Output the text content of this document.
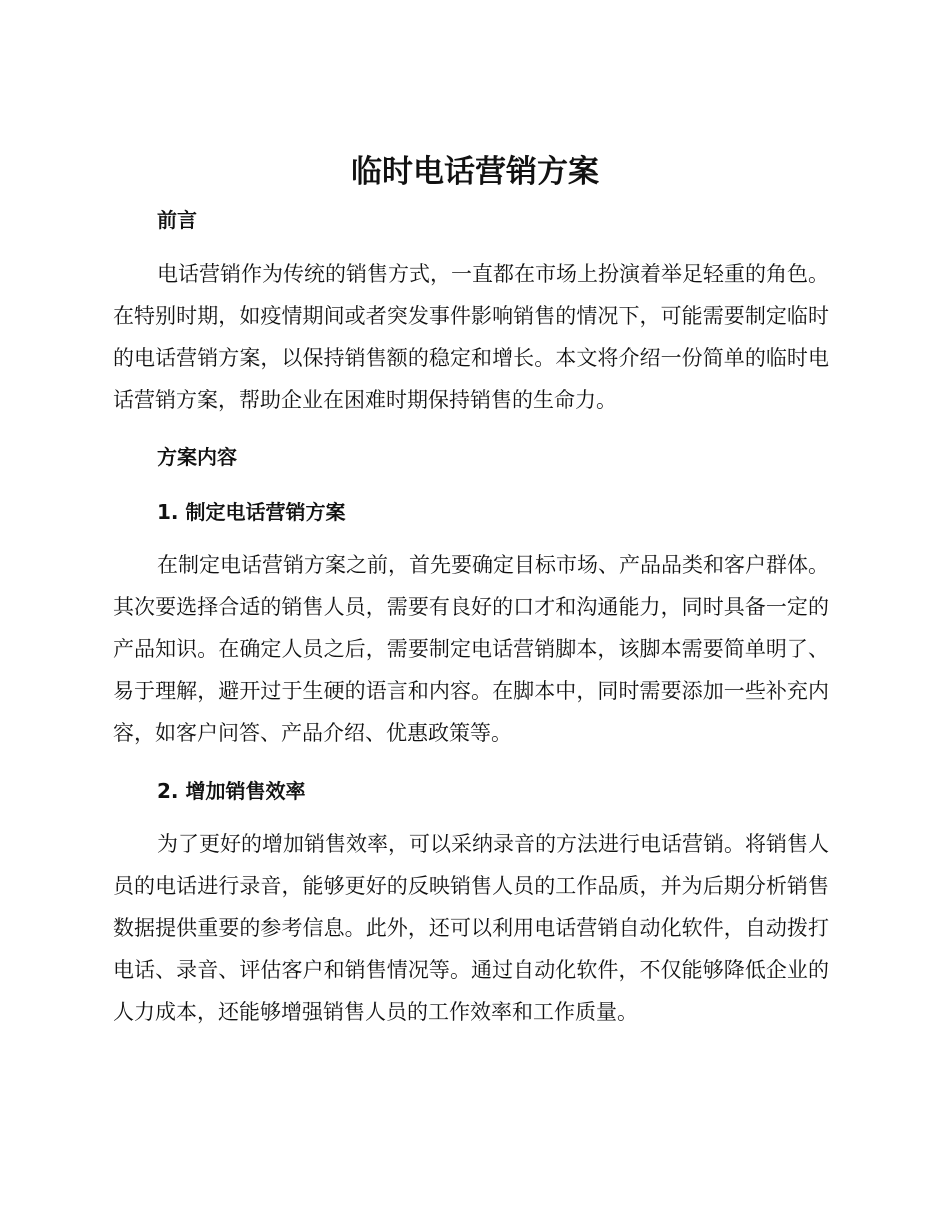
临时电话营销方案
前言

电话营销作为传统的销售方式，一直都在市场上扮演着举足轻重的角色。在特别时期，如疫情期间或者突发事件影响销售的情况下，可能需要制定临时的电话营销方案，以保持销售额的稳定和增长。本文将介绍一份简单的临时电话营销方案，帮助企业在困难时期保持销售的生命力。

方案内容
1. 制定电话营销方案

在制定电话营销方案之前，首先要确定目标市场、产品品类和客户群体。其次要选择合适的销售人员，需要有良好的口才和沟通能力，同时具备一定的产品知识。在确定人员之后，需要制定电话营销脚本，该脚本需要简单明了、易于理解，避开过于生硬的语言和内容。在脚本中，同时需要添加一些补充内容，如客户问答、产品介绍、优惠政策等。

2. 增加销售效率

为了更好的增加销售效率，可以采纳录音的方法进行电话营销。将销售人员的电话进行录音，能够更好的反映销售人员的工作品质，并为后期分析销售数据提供重要的参考信息。此外，还可以利用电话营销自动化软件，自动拨打电话、录音、评估客户和销售情况等。通过自动化软件，不仅能够降低企业的人力成本，还能够增强销售人员的工作效率和工作质量。
